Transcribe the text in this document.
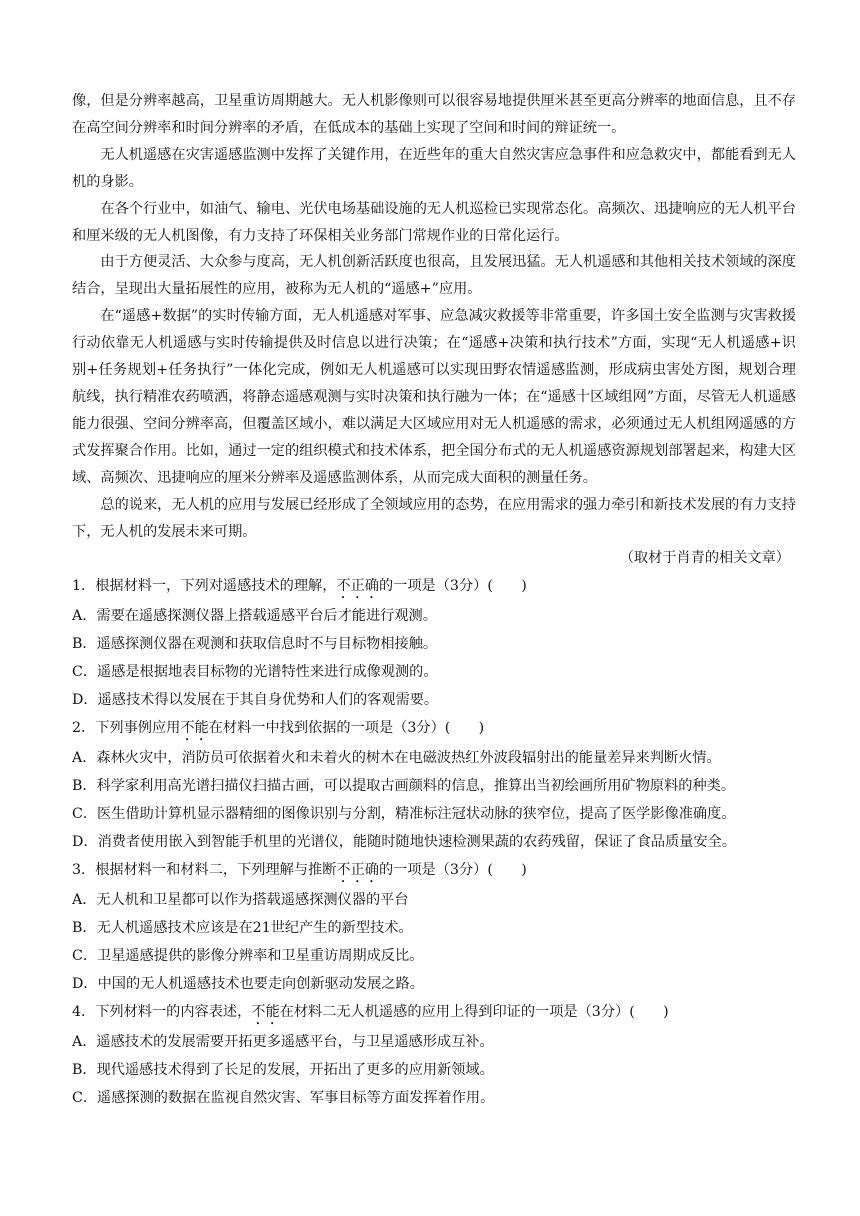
像，但是分辨率越高，卫星重访周期越大。无人机影像则可以很容易地提供厘米甚至更高分辨率的地面信息，且不存在高空间分辨率和时间分辨率的矛盾，在低成本的基础上实现了空间和时间的辩证统一。

无人机遥感在灾害遥感监测中发挥了关键作用，在近些年的重大自然灾害应急事件和应急救灾中，都能看到无人机的身影。

在各个行业中，如油气、输电、光伏电场基础设施的无人机巡检已实现常态化。高频次、迅捷响应的无人机平台和厘米级的无人机图像，有力支持了环保相关业务部门常规作业的日常化运行。

由于方便灵活、大众参与度高，无人机创新活跃度也很高，且发展迅猛。无人机遥感和其他相关技术领域的深度结合，呈现出大量拓展性的应用，被称为无人机的“遥感+”应用。

在“遥感+数据”的实时传输方面，无人机遥感对军事、应急减灾救援等非常重要，许多国土安全监测与灾害救援行动依靠无人机遥感与实时传输提供及时信息以进行决策；在“遥感+决策和执行技术”方面，实现“无人机遥感+识别+任务规划+任务执行”一体化完成，例如无人机遥感可以实现田野农情遥感监测，形成病虫害处方图，规划合理航线，执行精准农药喷洒，将静态遥感观测与实时决策和执行融为一体；在“遥感十区域组网”方面，尽管无人机遥感能力很强、空间分辨率高，但覆盖区域小，难以满足大区域应用对无人机遥感的需求，必须通过无人机组网遥感的方式发挥聚合作用。比如，通过一定的组织模式和技术体系，把全国分布式的无人机遥感资源规划部署起来，构建大区域、高频次、迅捷响应的厘米分辨率及遥感监测体系，从而完成大面积的测量任务。

总的说来，无人机的应用与发展已经形成了全领域应用的态势，在应用需求的强力牵引和新技术发展的有力支持下，无人机的发展未来可期。

（取材于肖青的相关文章）

1．根据材料一，下列对遥感技术的理解，不正确的一项是（3分）(　　)

A．需要在遥感探测仪器上搭载遥感平台后才能进行观测。

B．遥感探测仪器在观测和获取信息时不与目标物相接触。

C．遥感是根据地表目标物的光谱特性来进行成像观测的。

D．遥感技术得以发展在于其自身优势和人们的客观需要。

2．下列事例应用不能在材料一中找到依据的一项是（3分）(　　)

A．森林火灾中，消防员可依据着火和未着火的树木在电磁波热红外波段辐射出的能量差异来判断火情。

B．科学家利用高光谱扫描仪扫描古画，可以提取古画颜料的信息，推算出当初绘画所用矿物原料的种类。

C．医生借助计算机显示器精细的图像识别与分割，精准标注冠状动脉的狭窄位，提高了医学影像准确度。

D．消费者使用嵌入到智能手机里的光谱仪，能随时随地快速检测果蔬的农药残留，保证了食品质量安全。

3．根据材料一和材料二，下列理解与推断不正确的一项是（3分）(　　)

A．无人机和卫星都可以作为搭载遥感探测仪器的平台

B．无人机遥感技术应该是在21世纪产生的新型技术。

C．卫星遥感提供的影像分辨率和卫星重访周期成反比。

D．中国的无人机遥感技术也要走向创新驱动发展之路。

4．下列材料一的内容表述，不能在材料二无人机遥感的应用上得到印证的一项是（3分）(　　)

A．遥感技术的发展需要开拓更多遥感平台，与卫星遥感形成互补。

B．现代遥感技术得到了长足的发展，开拓出了更多的应用新领域。

C．遥感探测的数据在监视自然灾害、军事目标等方面发挥着作用。
